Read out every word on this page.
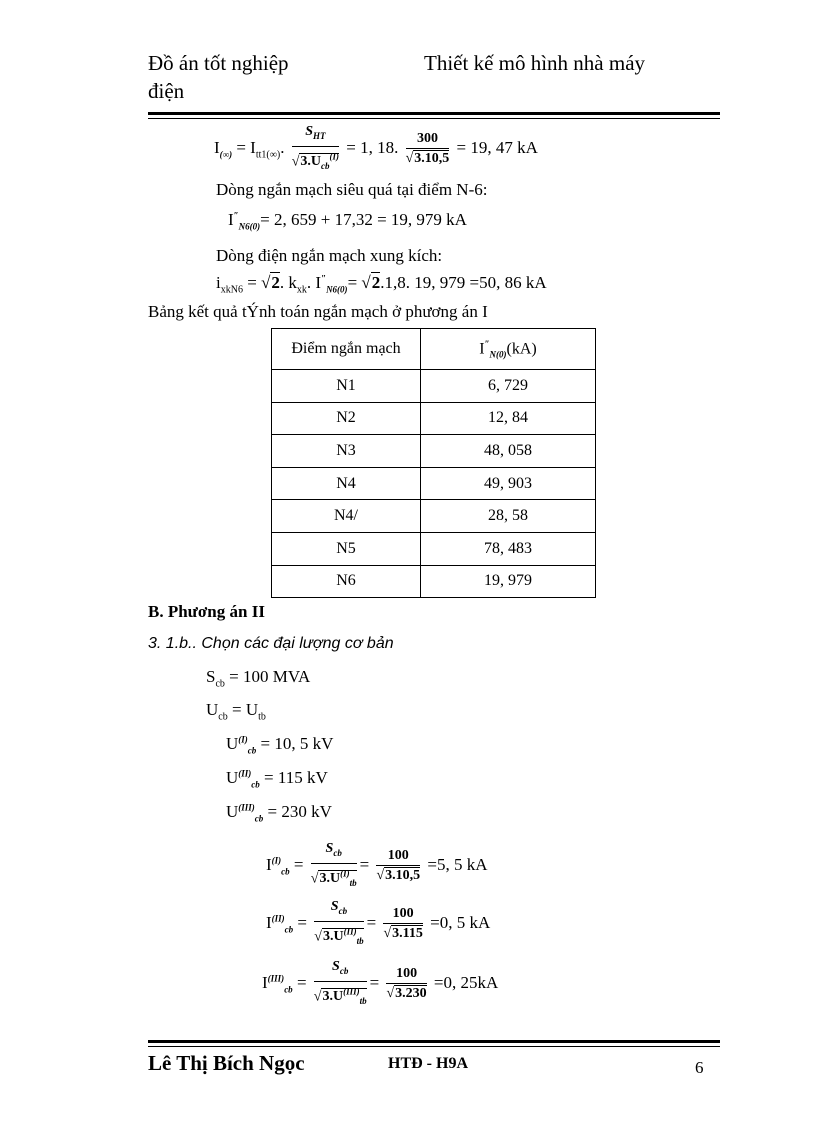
Đồ án tốt nghiệp	Thiết kế mô hình nhà máy
điện
$I_{(\infty)} = I_{tt1(\infty)}$. $\frac{S_{HT}}{√3.U_{cb}^{(I)}} = 1$, 18. $\frac{300}{√3.10,5} = 19$, 47 kA
Dòng ngắn mạch siêu quá tại điểm N-6:
$I''_{N6(0)}= 2$, 659 + 17,32 = 19, 979 kA
Dòng điện ngắn mạch xung kích:
$i_{xkN6} = √2$. $k_{xk}$. $I''_{N6(0)}= √2.1,8$. 19, 979 =50, 86 kA
Bảng kết quả tÝnh toán ngắn mạch ở phương án I
Điểm ngắn mạch	$I''_{N(0)}(kA)$
N1	6, 729
N2	12, 84
N3	48, 058
N4	49, 903
N4/	28, 58
N5	78, 483
N6	19, 979
B. Phương án II
3. 1.b.. Chọn các đại lượng cơ bản
$S_{cb} = 100$ MVA
$U_{cb} = U_{tb}$
$U^{(I)}_{cb} = 10$, 5 kV
$U^{(II)}_{cb} = 115$ kV
$U^{(III)}_{cb} = 230$ kV
$I^{(I)}_{cb} = \frac{S_{cb}}{√3.U^{(I)}_{tb}} = \frac{100}{√3.10,5} =5$, 5 kA
$I^{(II)}_{cb} = \frac{S_{cb}}{√3.U^{(II)}_{tb}} = \frac{100}{√3.115} =0$, 5 kA
$I^{(III)}_{cb} = \frac{S_{cb}}{√3.U^{(III)}_{tb}} = \frac{100}{√3.230} =0$, 25kA
Lê Thị Bích Ngọc	HTĐ - H9A	6
